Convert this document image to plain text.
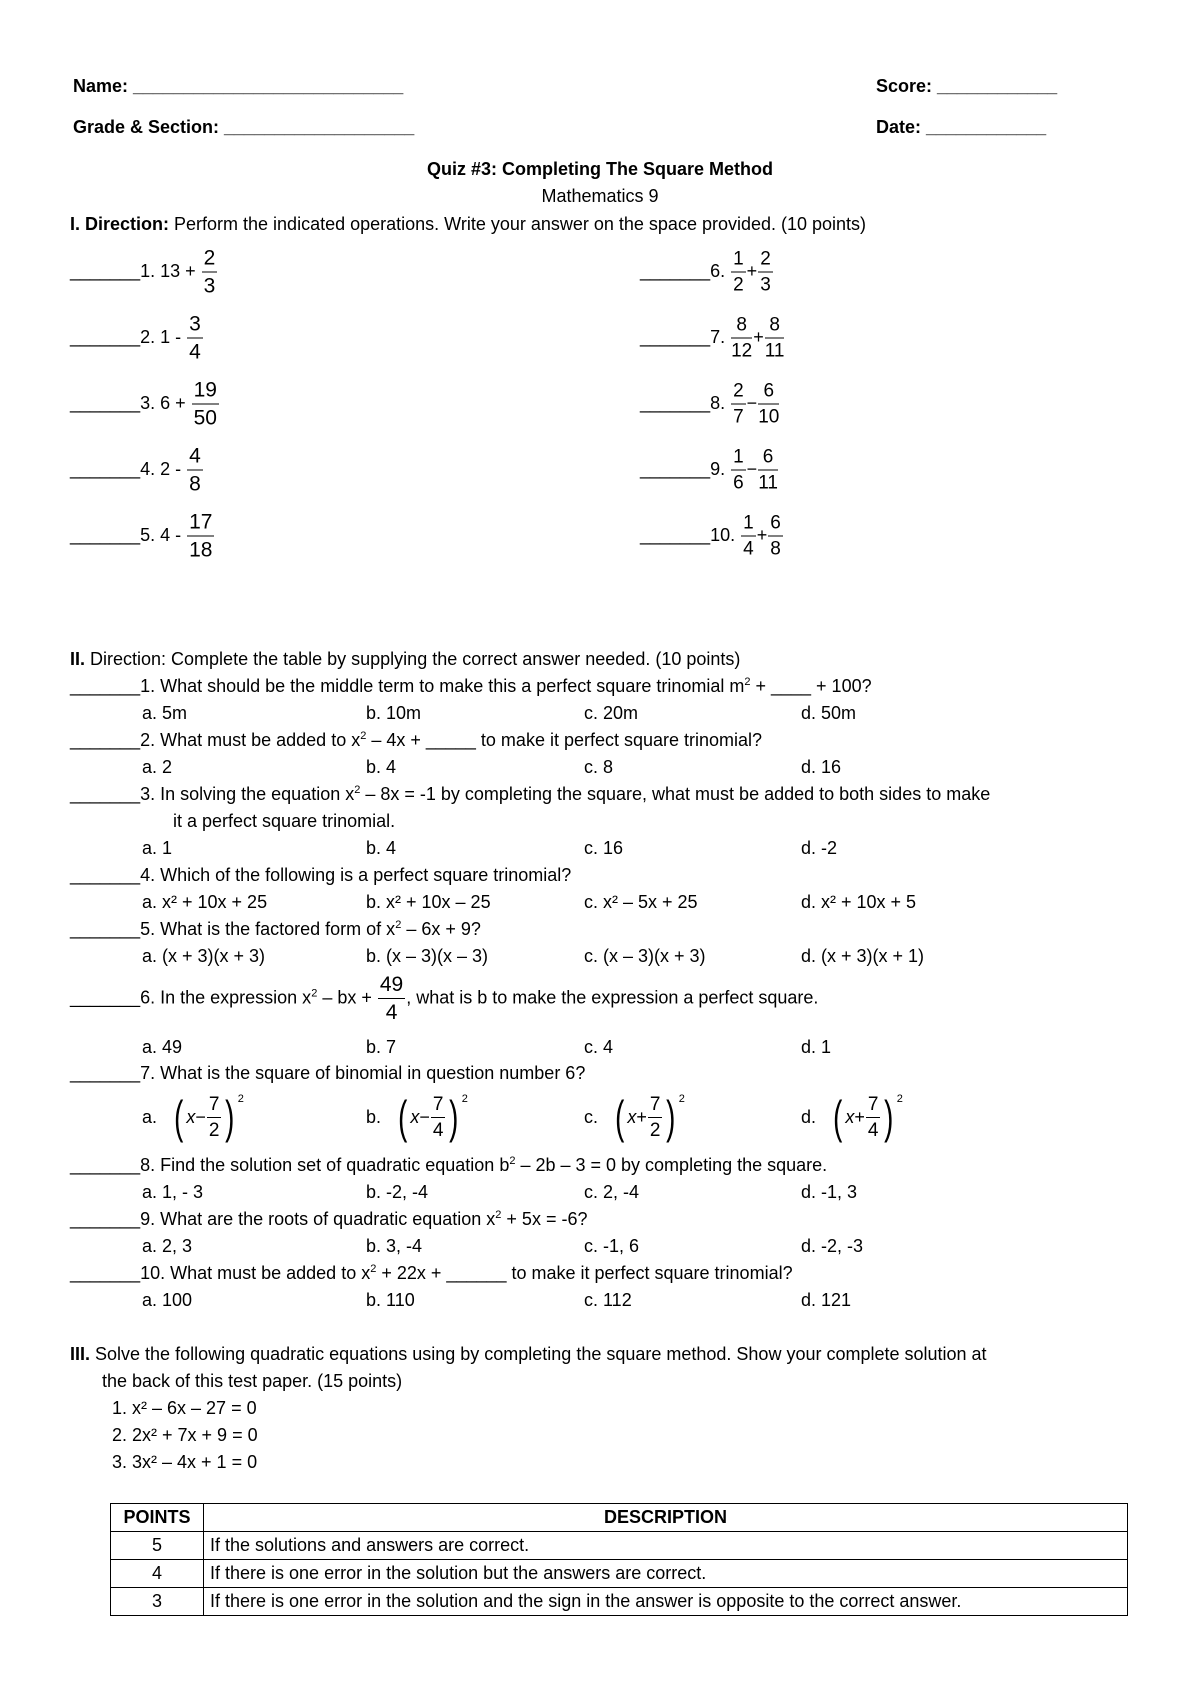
Name: ___________________________	Score: ____________
Grade & Section: ___________________	Date: ____________
Quiz #3: Completing The Square Method
Mathematics 9
I. Direction: Perform the indicated operations. Write your answer on the space provided. (10 points)
_______1. $13 + \frac{2}{3}$
_______2. $1 - \frac{3}{4}$
_______3. $6 + \frac{19}{50}$
_______4. $2 - \frac{4}{8}$
_______5. $4 - \frac{17}{18}$
_______6. $\frac{1}{2} + \frac{2}{3}$
_______7. $\frac{8}{12} + \frac{8}{11}$
_______8. $\frac{2}{7} - \frac{6}{10}$
_______9. $\frac{1}{6} - \frac{6}{11}$
_______10. $\frac{1}{4} + \frac{6}{8}$
II. Direction: Complete the table by supplying the correct answer needed. (10 points)
_______1. What should be the middle term to make this a perfect square trinomial $m^2$ + ____ + 100?
a. 5m	b. 10m	c. 20m	d. 50m
_______2. What must be added to $x^2 - 4x$ + _____ to make it perfect square trinomial?
a. 2	b. 4	c. 8	d. 16
_______3. In solving the equation $x^2 - 8x = -1$ by completing the square, what must be added to both sides to make
it a perfect square trinomial.
a. 1	b. 4	c. 16	d. -2
_______4. Which of the following is a perfect square trinomial?
a. x² + 10x + 25	b. x² + 10x – 25	c. x² – 5x + 25	d. x² + 10x + 5
_______5. What is the factored form of $x^2 - 6x + 9$?
a. (x + 3)(x + 3)	b. (x – 3)(x – 3)	c. (x – 3)(x + 3)	d. (x + 3)(x + 1)
_______6. In the expression $x^2$ – bx + $\frac{49}{4}$ , what is b to make the expression a perfect square.
a. 49	b. 7	c. 4	d. 1
_______7. What is the square of binomial in question number 6?
a. ( $x- \frac{7}{2}$ ) $^2$
b. ( $x- \frac{7}{4}$ ) $^2$
c. ( $x+ \frac{7}{2}$ ) $^2$
d. ( $x+ \frac{7}{4}$ ) $^2$
_______8. Find the solution set of quadratic equation $b^2 - 2b - 3 = 0$ by completing the square.
a. 1, - 3	b. -2, -4	c. 2, -4	d. -1, 3
_______9. What are the roots of quadratic equation $x^2 + 5x = -6$?
a. 2, 3	b. 3, -4	c. -1, 6	d. -2, -3
_______10. What must be added to $x^2 + 22x$ + ______ to make it perfect square trinomial?
a. 100	b. 110	c. 112	d. 121
III. Solve the following quadratic equations using by completing the square method. Show your complete solution at
the back of this test paper. (15 points)
1. x² – 6x – 27 = 0
2. 2x² + 7x + 9 = 0
3. 3x² – 4x + 1 = 0
POINTS	DESCRIPTION
5	If the solutions and answers are correct.
4	If there is one error in the solution but the answers are correct.
3	If there is one error in the solution and the sign in the answer is opposite to the correct answer.
